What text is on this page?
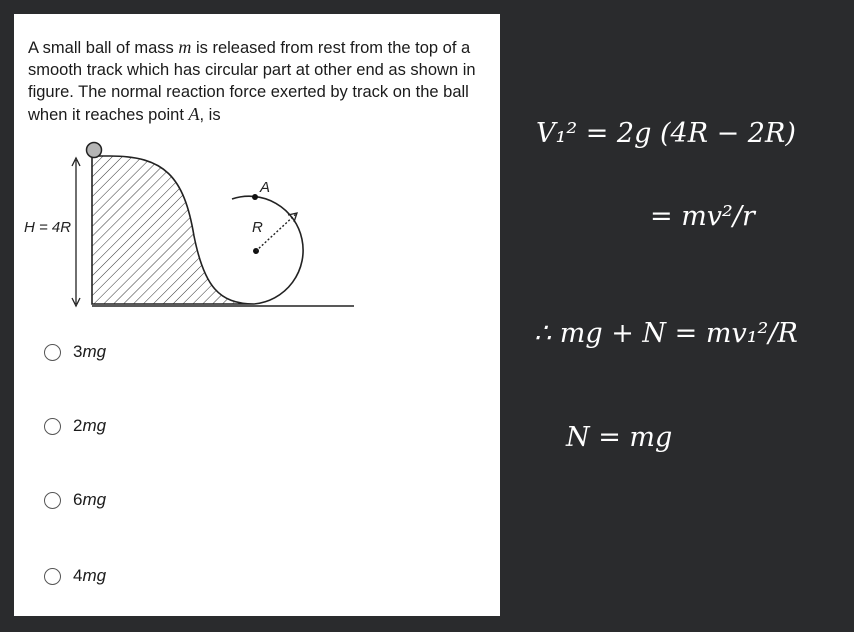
A small ball of mass m is released from rest from the top of a smooth track which has circular part at other end as shown in figure. The normal reaction force exerted by track on the ball when it reaches point A, is
H = 4R
A
R
3mg
2mg
6mg
4mg
V₁² = 2g (4R − 2R)
= mv²/r
∴ mg + N = mv₁²/R
N = mg
